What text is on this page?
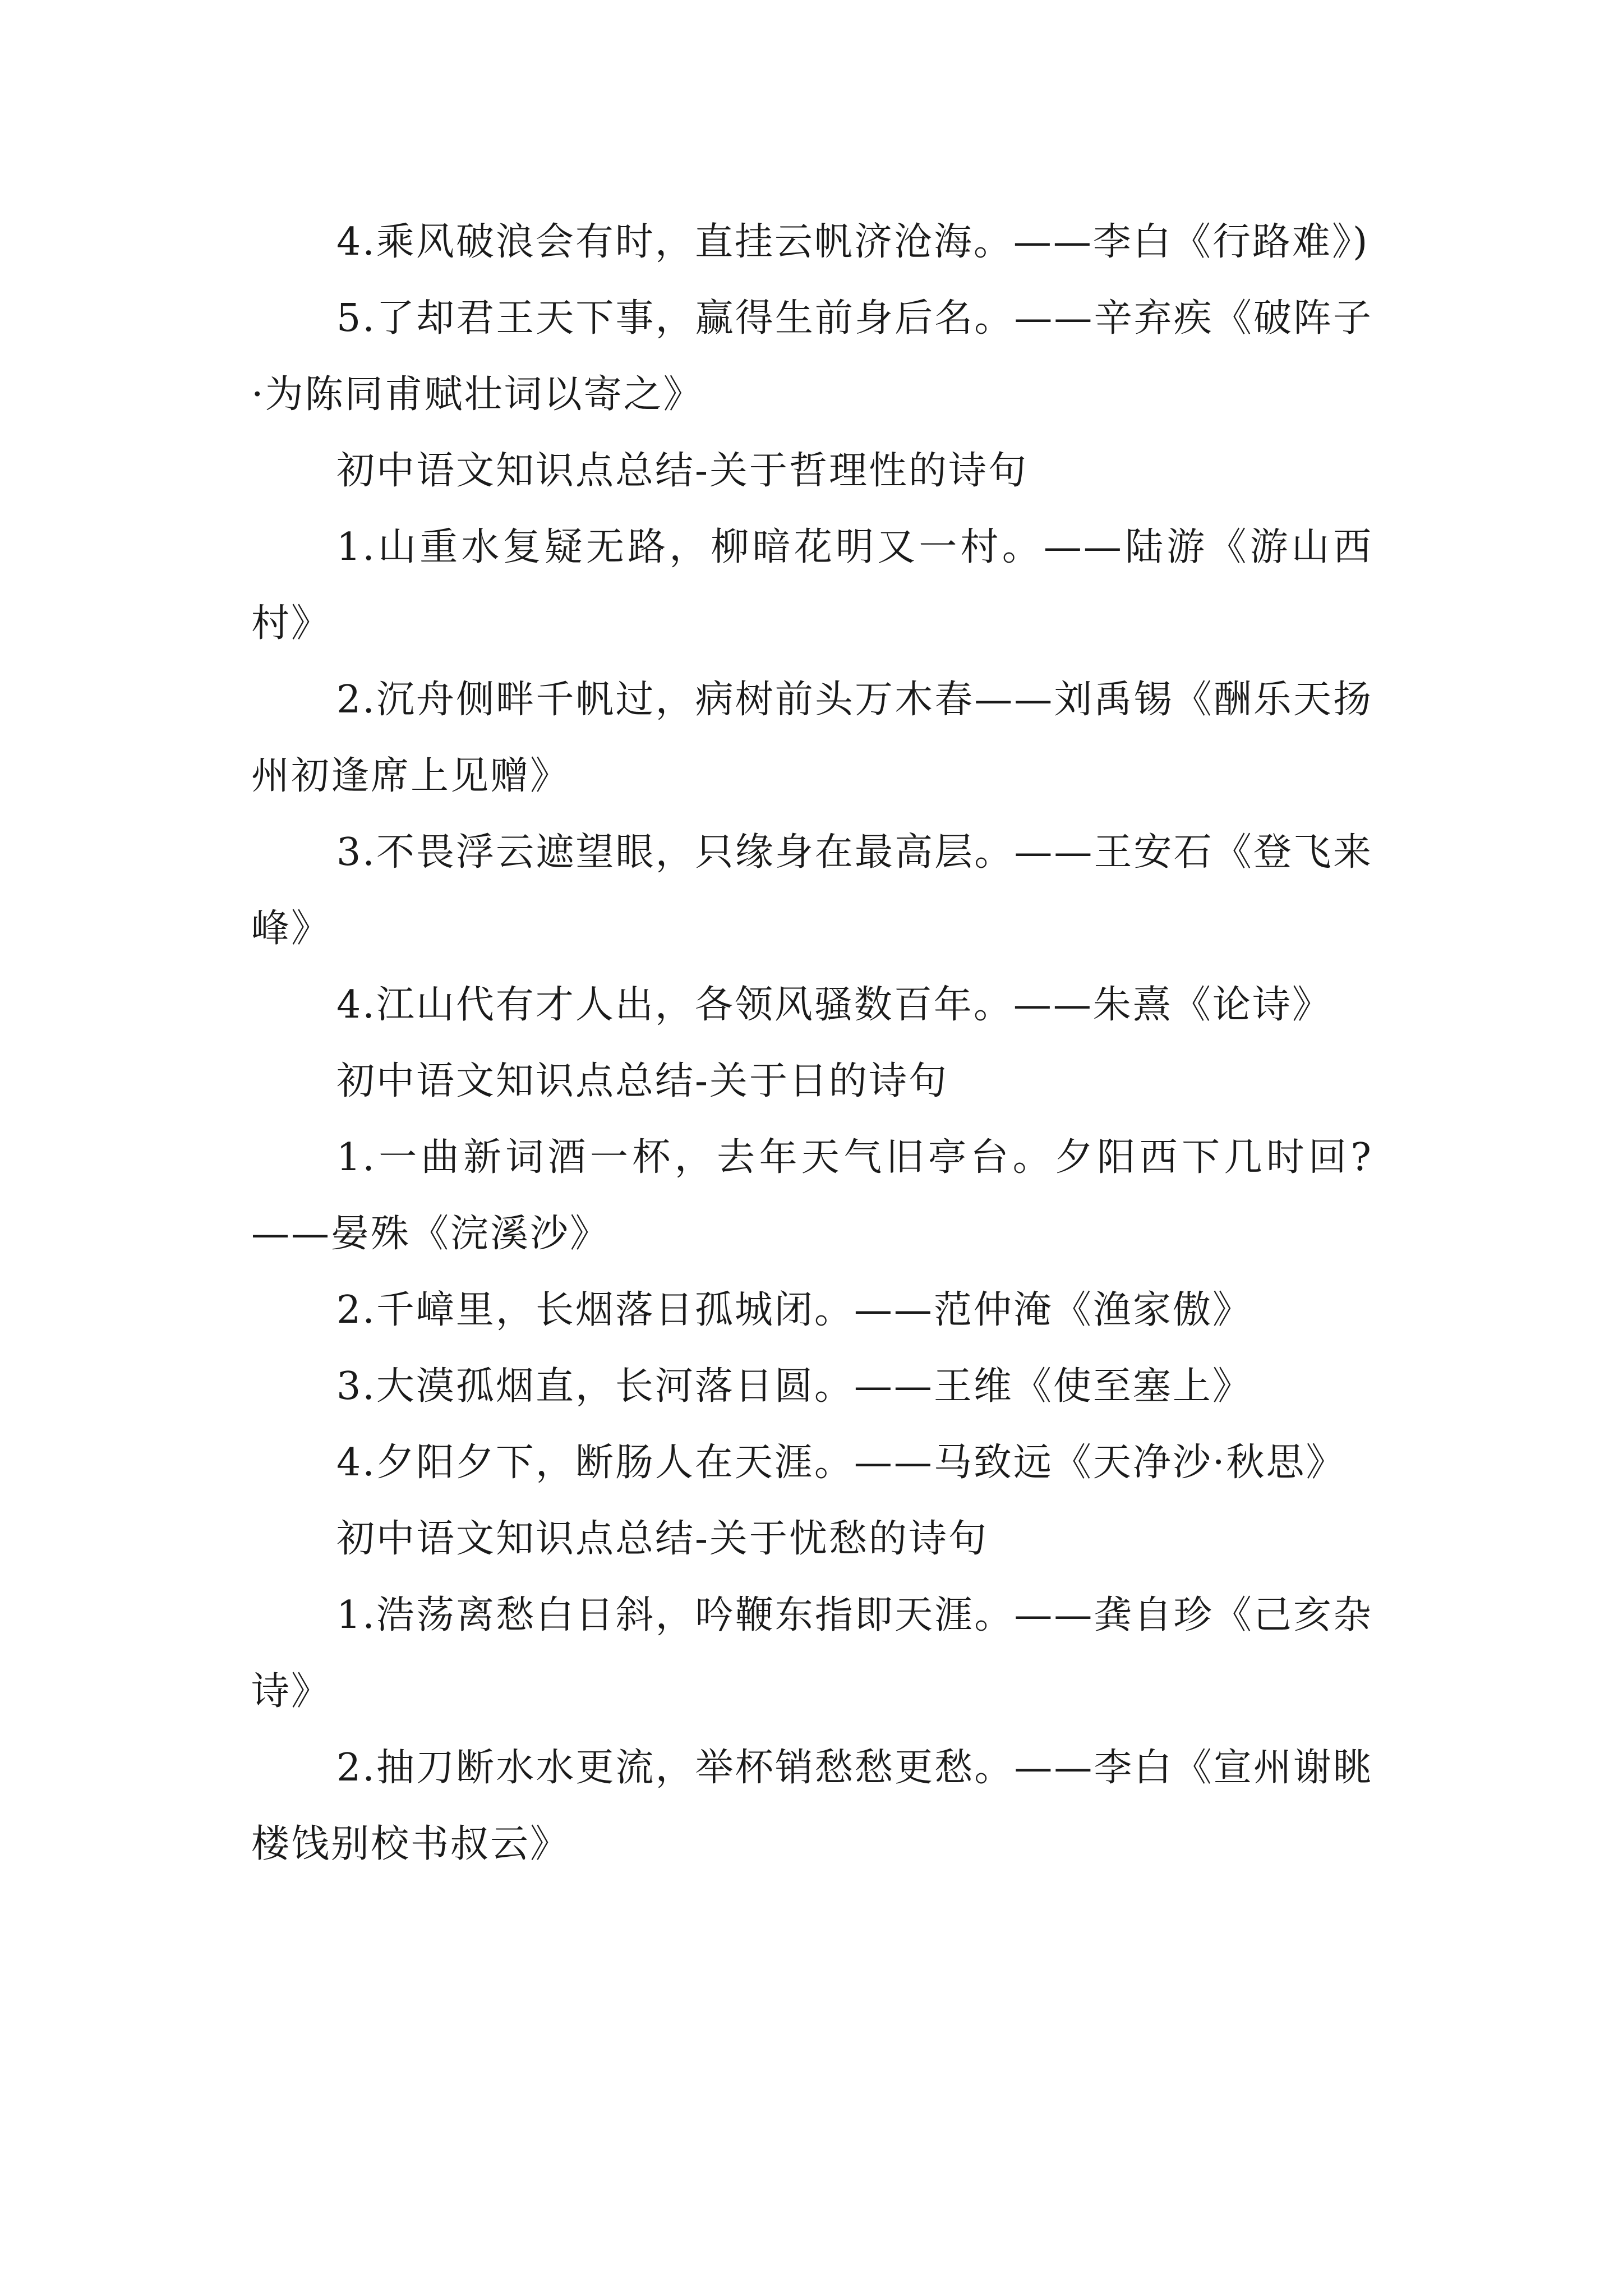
4.乘风破浪会有时，直挂云帆济沧海。——李白《行路难》)

5.了却君王天下事，赢得生前身后名。——辛弃疾《破阵子·为陈同甫赋壮词以寄之》

初中语文知识点总结-关于哲理性的诗句

1.山重水复疑无路，柳暗花明又一村。——陆游《游山西村》

2.沉舟侧畔千帆过，病树前头万木春——刘禹锡《酬乐天扬州初逢席上见赠》

3.不畏浮云遮望眼，只缘身在最高层。——王安石《登飞来峰》

4.江山代有才人出，各领风骚数百年。——朱熹《论诗》

初中语文知识点总结-关于日的诗句

1.一曲新词酒一杯，去年天气旧亭台。夕阳西下几时回?——晏殊《浣溪沙》

2.千嶂里，长烟落日孤城闭。——范仲淹《渔家傲》

3.大漠孤烟直，长河落日圆。——王维《使至塞上》

4.夕阳夕下，断肠人在天涯。——马致远《天净沙·秋思》

初中语文知识点总结-关于忧愁的诗句

1.浩荡离愁白日斜，吟鞭东指即天涯。——龚自珍《己亥杂诗》

2.抽刀断水水更流，举杯销愁愁更愁。——李白《宣州谢眺楼饯别校书叔云》
